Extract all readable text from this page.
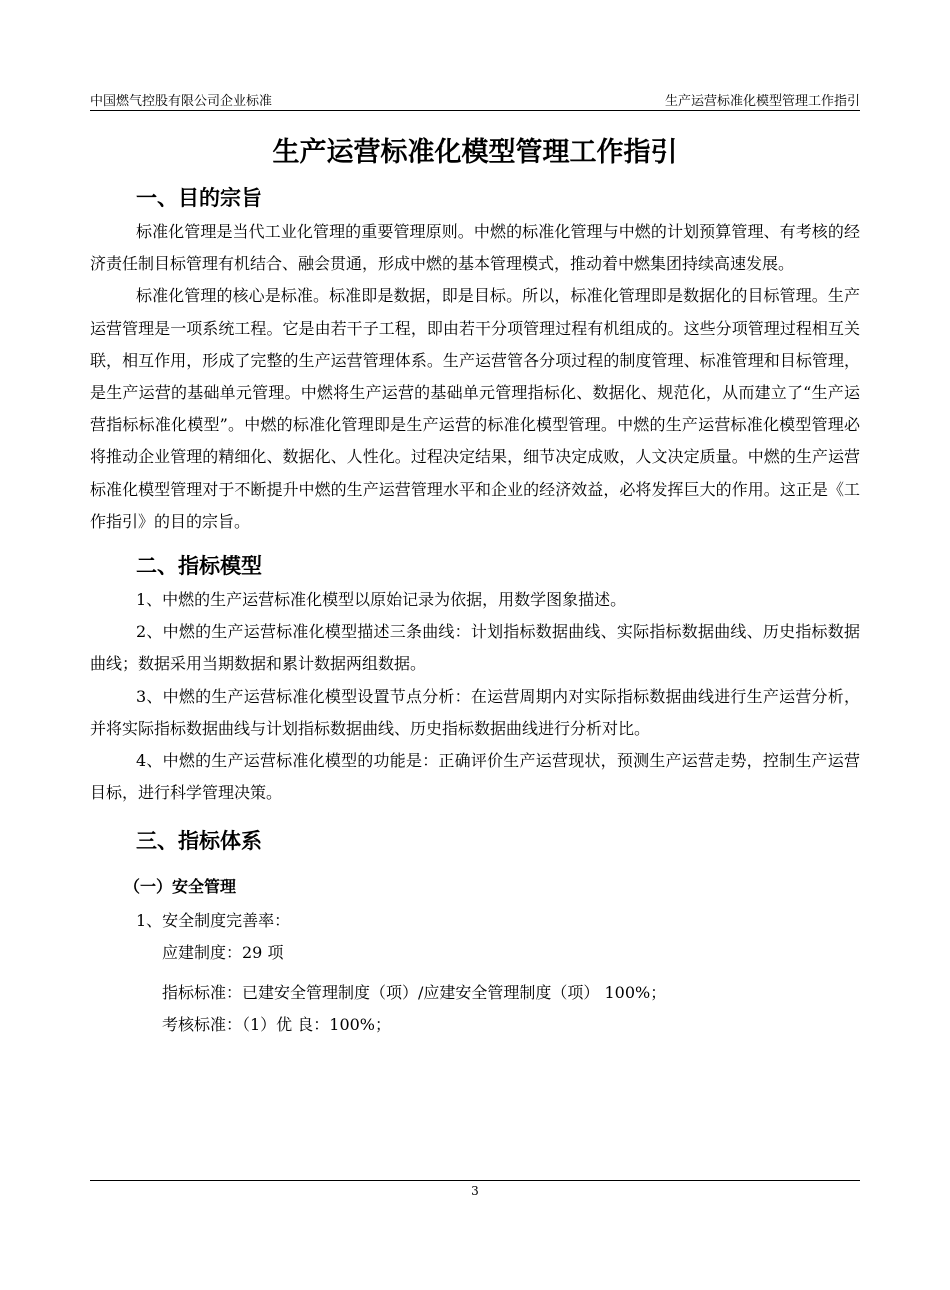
中国燃气控股有限公司企业标准	生产运营标准化模型管理工作指引
生产运营标准化模型管理工作指引
一、目的宗旨

标准化管理是当代工业化管理的重要管理原则。中燃的标准化管理与中燃的计划预算管理、有考核的经济责任制目标管理有机结合、融会贯通，形成中燃的基本管理模式，推动着中燃集团持续高速发展。

标准化管理的核心是标准。标准即是数据，即是目标。所以，标准化管理即是数据化的目标管理。生产运营管理是一项系统工程。它是由若干子工程，即由若干分项管理过程有机组成的。这些分项管理过程相互关联，相互作用，形成了完整的生产运营管理体系。生产运营管各分项过程的制度管理、标准管理和目标管理，是生产运营的基础单元管理。中燃将生产运营的基础单元管理指标化、数据化、规范化，从而建立了“生产运营指标标准化模型”。中燃的标准化管理即是生产运营的标准化模型管理。中燃的生产运营标准化模型管理必将推动企业管理的精细化、数据化、人性化。过程决定结果，细节决定成败，人文决定质量。中燃的生产运营标准化模型管理对于不断提升中燃的生产运营管理水平和企业的经济效益，必将发挥巨大的作用。这正是《工作指引》的目的宗旨。

二、指标模型

1、中燃的生产运营标准化模型以原始记录为依据，用数学图象描述。

2、中燃的生产运营标准化模型描述三条曲线：计划指标数据曲线、实际指标数据曲线、历史指标数据曲线；数据采用当期数据和累计数据两组数据。

3、中燃的生产运营标准化模型设置节点分析：在运营周期内对实际指标数据曲线进行生产运营分析，并将实际指标数据曲线与计划指标数据曲线、历史指标数据曲线进行分析对比。

4、中燃的生产运营标准化模型的功能是：正确评价生产运营现状，预测生产运营走势，控制生产运营目标，进行科学管理决策。

三、指标体系
（一）安全管理

1、安全制度完善率：

应建制度：29 项

指标标准：已建安全管理制度（项）/应建安全管理制度（项） 100%；

考核标准：（1）优 良：100%；

3
